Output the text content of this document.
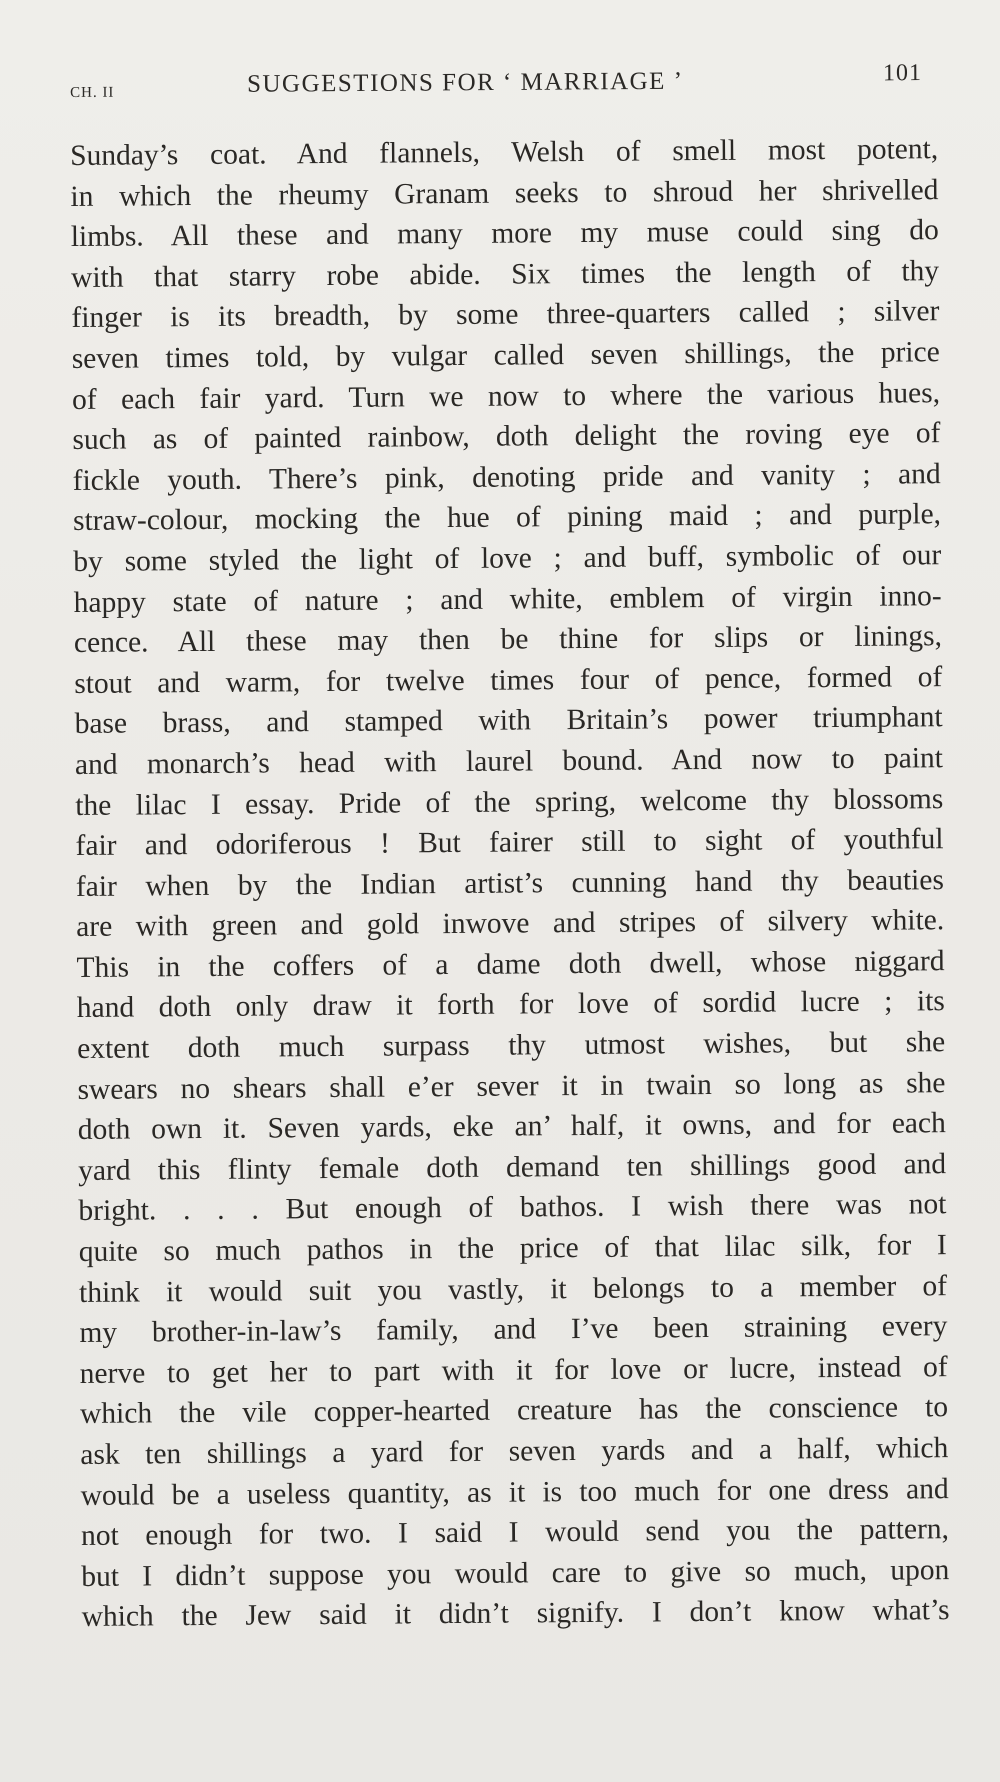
CH. II	SUGGESTIONS FOR ‘ MARRIAGE ’	101
Sunday’s coat. And flannels, Welsh of smell most potent,
in which the rheumy Granam seeks to shroud her shrivelled
limbs. All these and many more my muse could sing do
with that starry robe abide. Six times the length of thy
finger is its breadth, by some three-quarters called ; silver
seven times told, by vulgar called seven shillings, the price
of each fair yard. Turn we now to where the various hues,
such as of painted rainbow, doth delight the roving eye of
fickle youth. There’s pink, denoting pride and vanity ; and
straw-colour, mocking the hue of pining maid ; and purple,
by some styled the light of love ; and buff, symbolic of our
happy state of nature ; and white, emblem of virgin inno-
cence. All these may then be thine for slips or linings,
stout and warm, for twelve times four of pence, formed of
base brass, and stamped with Britain’s power triumphant
and monarch’s head with laurel bound. And now to paint
the lilac I essay. Pride of the spring, welcome thy blossoms
fair and odoriferous ! But fairer still to sight of youthful
fair when by the Indian artist’s cunning hand thy beauties
are with green and gold inwove and stripes of silvery white.
This in the coffers of a dame doth dwell, whose niggard
hand doth only draw it forth for love of sordid lucre ; its
extent doth much surpass thy utmost wishes, but she
swears no shears shall e’er sever it in twain so long as she
doth own it. Seven yards, eke an’ half, it owns, and for each
yard this flinty female doth demand ten shillings good and
bright. . . . But enough of bathos. I wish there was not
quite so much pathos in the price of that lilac silk, for I
think it would suit you vastly, it belongs to a member of
my brother-in-law’s family, and I’ve been straining every
nerve to get her to part with it for love or lucre, instead of
which the vile copper-hearted creature has the conscience to
ask ten shillings a yard for seven yards and a half, which
would be a useless quantity, as it is too much for one dress and
not enough for two. I said I would send you the pattern,
but I didn’t suppose you would care to give so much, upon
which the Jew said it didn’t signify. I don’t know what’s
